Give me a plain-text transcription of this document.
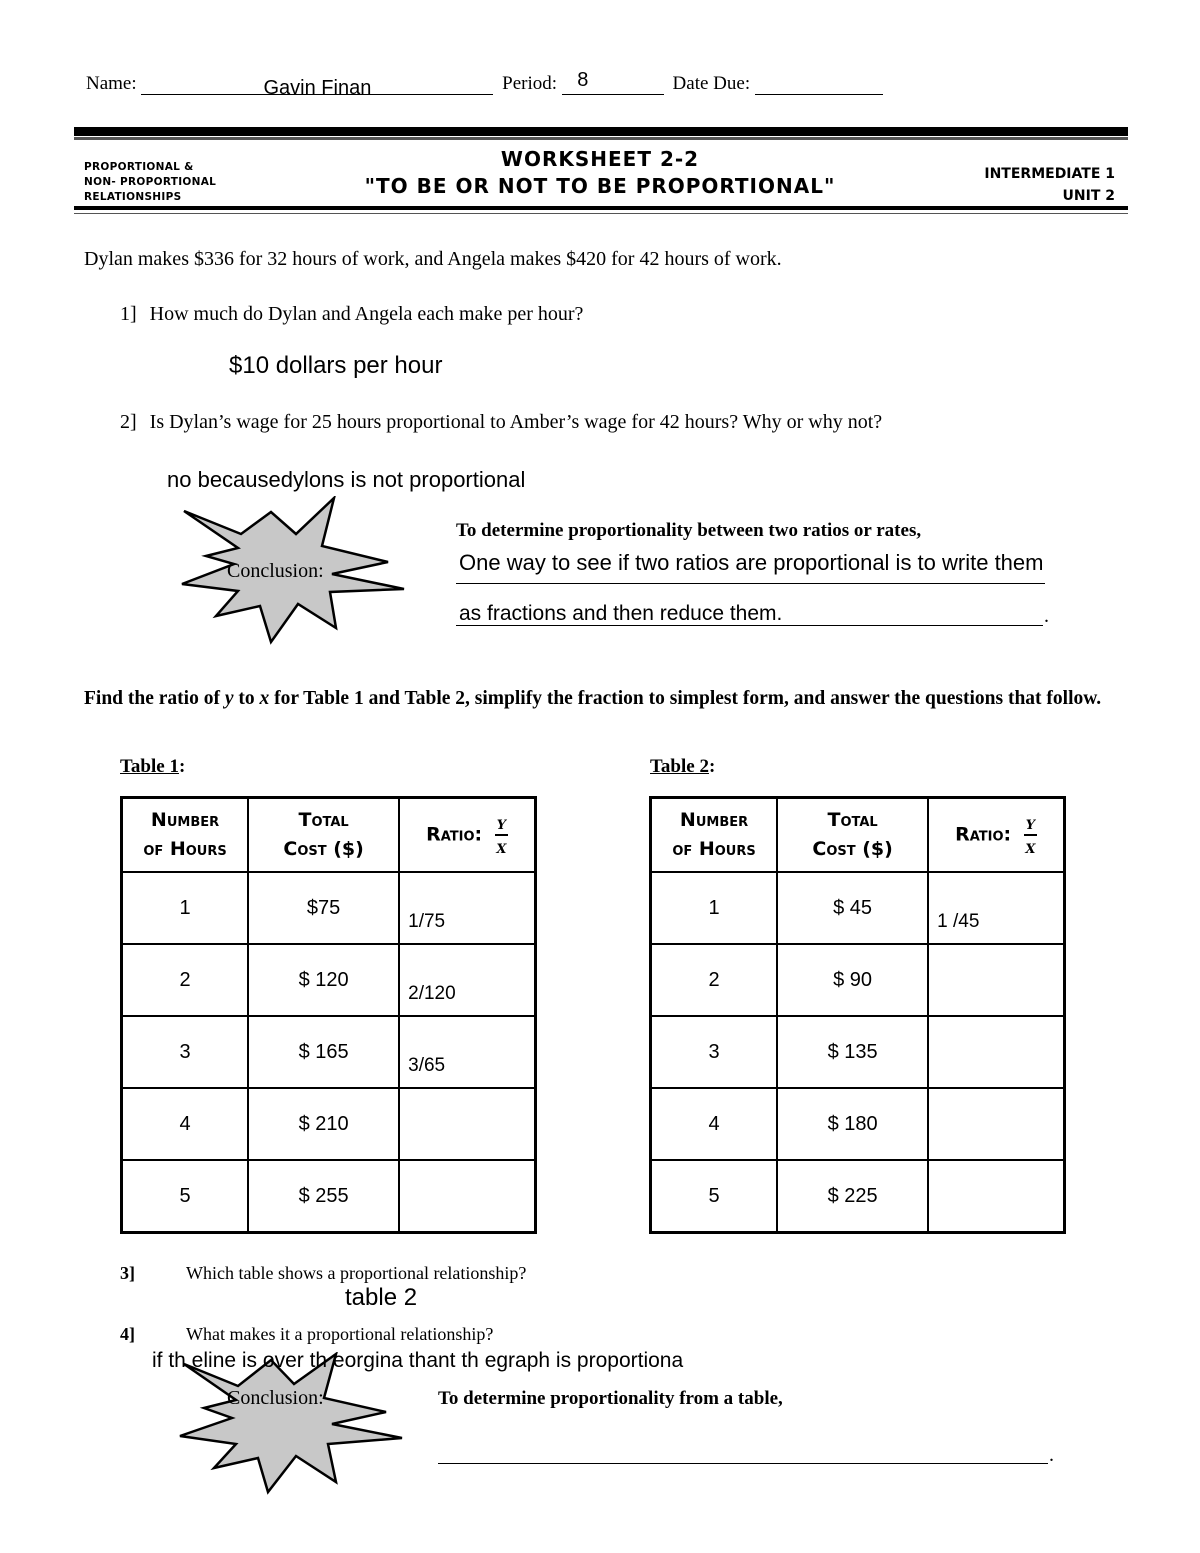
Name:	Gavin Finan	Period:	8	Date Due:
PROPORTIONAL &
NON- PROPORTIONAL
RELATIONSHIPS
WORKSHEET 2-2
"TO BE OR NOT TO BE PROPORTIONAL"	INTERMEDIATE 1
UNIT 2
Dylan makes $336 for 32 hours of work, and Angela makes $420 for 42 hours of work.
1] How much do Dylan and Angela each make per hour?
$10 dollars per hour
2] Is Dylan’s wage for 25 hours proportional to Amber’s wage for 42 hours? Why or why not?
no becausedylons is not proportional
Conclusion:
To determine proportionality between two ratios or rates,
One way to see if two ratios are proportional is to write them
as fractions and then reduce them.	.
Find the ratio of y to x for Table 1 and Table 2, simplify the fraction to simplest form, and answer the questions that follow.
Table 1:	Table 2:
Number of Hours	Total Cost ($)	Ratio: $\frac{y}{x}$

1	$75	1/75

2	$ 120	2/120

3	$ 165	3/65

4	$ 210	

5	$ 255	
Number of Hours	Total Cost ($)	Ratio: $\frac{y}{x}$

1	$ 45	1 /45

2	$ 90	

3	$ 135	

4	$ 180	

5	$ 225	
3]	Which table shows a proportional relationship?
table 2
4]	What makes it a proportional relationship?
Conclusion:
if th eline is over th eorgina thant th egraph is proportiona
To determine proportionality from a table,
.
